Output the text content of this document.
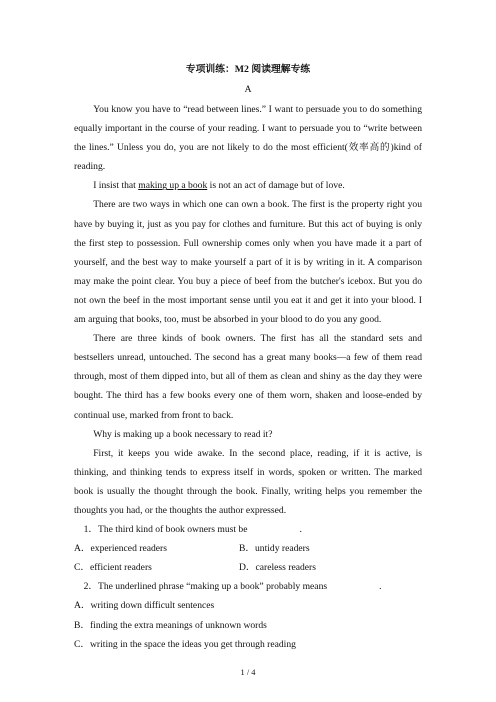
专项训练：M2 阅读理解专练
A

You know you have to “read between lines.” I want to persuade you to do something equally important in the course of your reading. I want to persuade you to “write between the lines.” Unless you do, you are not likely to do the most efficient(效率高的)kind of reading.

I insist that making up a book is not an act of damage but of love.

There are two ways in which one can own a book. The first is the property right you have by buying it, just as you pay for clothes and furniture. But this act of buying is only the first step to possession. Full ownership comes only when you have made it a part of yourself, and the best way to make yourself a part of it is by writing in it. A comparison may make the point clear. You buy a piece of beef from the butcher's icebox. But you do not own the beef in the most important sense until you eat it and get it into your blood. I am arguing that books, too, must be absorbed in your blood to do you any good.

There are three kinds of book owners. The first has all the standard sets and bestsellers unread, untouched. The second has a great many books—a few of them read through, most of them dipped into, but all of them as clean and shiny as the day they were bought. The third has a few books every one of them worn, shaken and loose-ended by continual use, marked from front to back.

Why is making up a book necessary to read it?

First, it keeps you wide awake. In the second place, reading, if it is active, is thinking, and thinking tends to express itself in words, spoken or written. The marked book is usually the thought through the book. Finally, writing helps you remember the thoughts you had, or the thoughts the author expressed.

1．The third kind of book owners must be	.
A．experienced readers	B．untidy readers
C．efficient readers	D．careless readers
2．The underlined phrase “making up a book” probably means	.
A．writing down difficult sentences
B．finding the extra meanings of unknown words
C．writing in the space the ideas you get through reading
1 / 4
